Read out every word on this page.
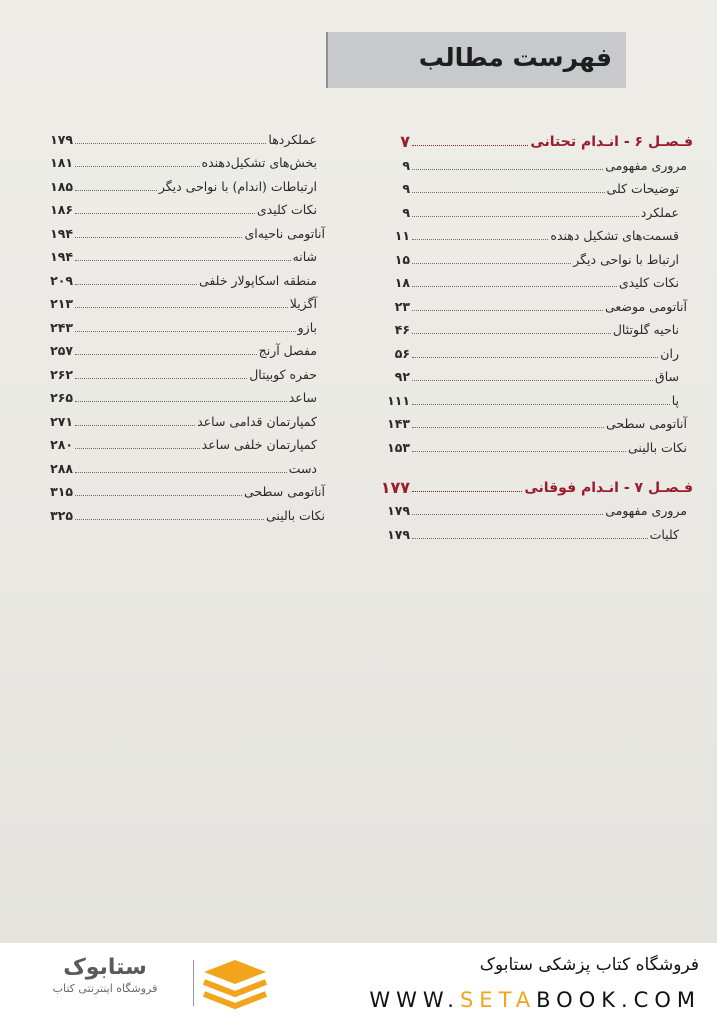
فهرست مطالب
فـصـل ۶ - انـدام تحتانی
۷
مروری مفهومی
۹
توضیحات کلی
۹
عملکرد
۹
قسمت‌های تشکیل دهنده
۱۱
ارتباط با نواحی دیگر
۱۵
نکات کلیدی
۱۸
آناتومی موضعی
۲۳
ناحیه گلوتئال
۴۶
ران
۵۶
ساق
۹۲
پا
۱۱۱
آناتومی سطحی
۱۴۳
نکات بالینی
۱۵۳
فـصـل ۷ - انـدام فوقانی
۱۷۷
مروری مفهومی
۱۷۹
کلیات
۱۷۹
عملکردها
۱۷۹
بخش‌های تشکیل‌دهنده
۱۸۱
ارتباطات (اندام) با نواحی دیگر
۱۸۵
نکات کلیدی
۱۸۶
آناتومی ناحیه‌ای
۱۹۴
شانه
۱۹۴
منطقه اسکاپولار خلفی
۲۰۹
آگزیلا
۲۱۳
بازو
۲۴۳
مفصل آرنج
۲۵۷
حفره کوبیتال
۲۶۲
ساعد
۲۶۵
کمپارتمان قدامی ساعد
۲۷۱
کمپارتمان خلفی ساعد
۲۸۰
دست
۲۸۸
آناتومی سطحی
۳۱۵
نکات بالینی
۳۲۵
فروشگاه کتاب پزشکی ستابوک
WWW.SETABOOK.COM
ستابوک
فروشگاه اینترنتی کتاب
